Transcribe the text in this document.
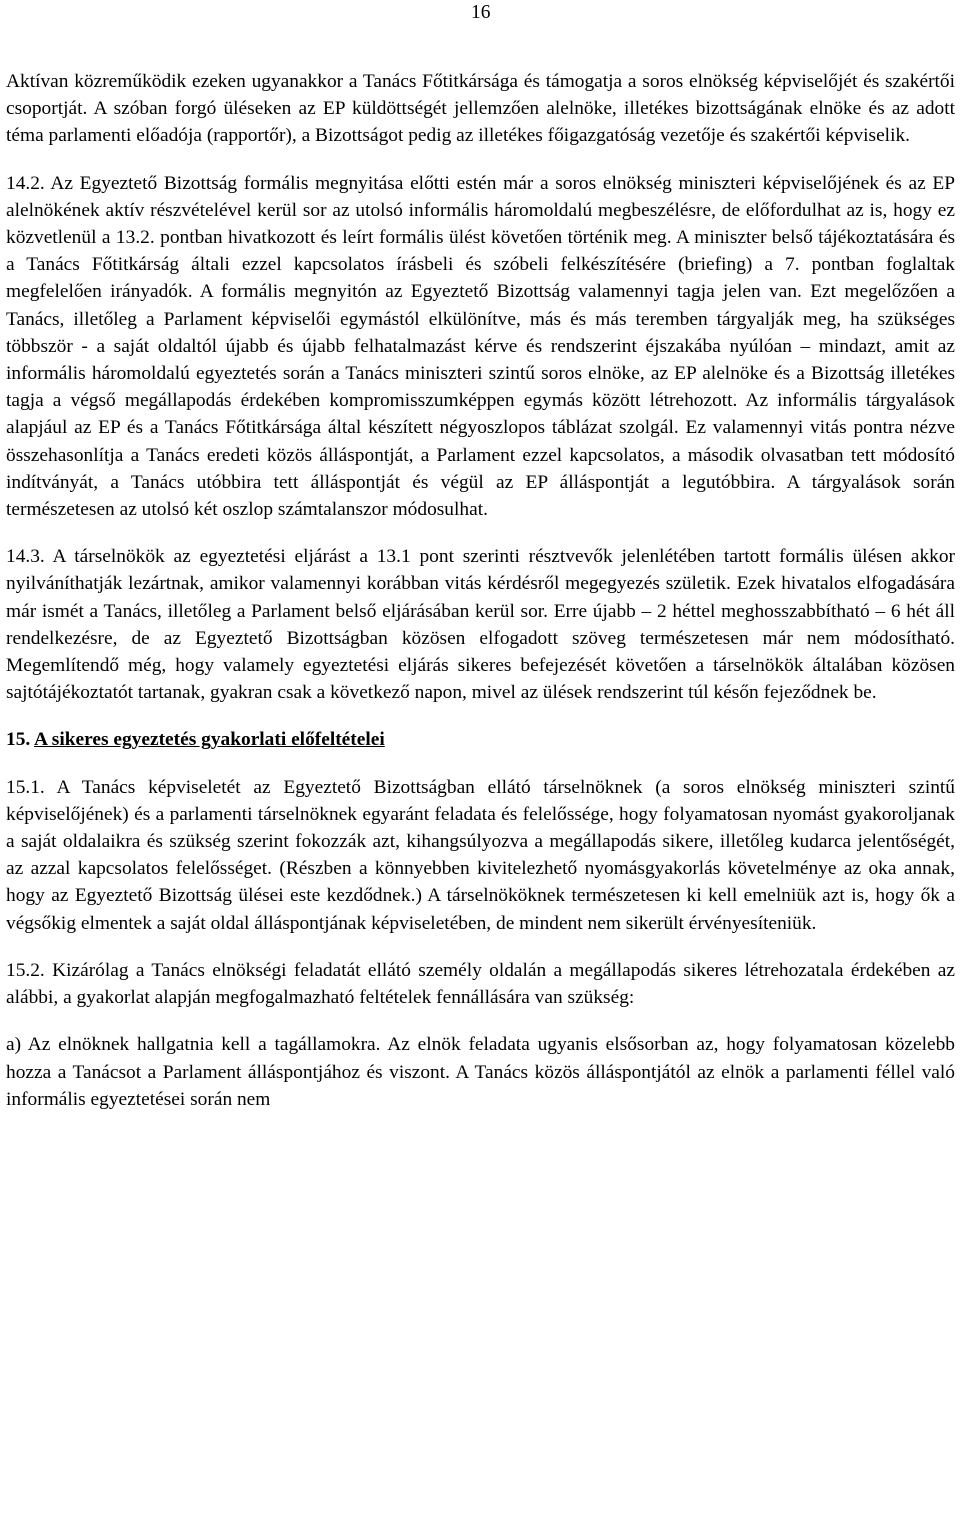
16

Aktívan közreműködik ezeken ugyanakkor a Tanács Főtitkársága és támogatja a soros elnökség képviselőjét és szakértői csoportját. A szóban forgó üléseken az EP küldöttségét jellemzően alelnöke, illetékes bizottságának elnöke és az adott téma parlamenti előadója (rapportőr), a Bizottságot pedig az illetékes főigazgatóság vezetője és szakértői képviselik.

14.2. Az Egyeztető Bizottság formális megnyitása előtti estén már a soros elnökség miniszteri képviselőjének és az EP alelnökének aktív részvételével kerül sor az utolsó informális háromoldalú megbeszélésre, de előfordulhat az is, hogy ez közvetlenül a 13.2. pontban hivatkozott és leírt formális ülést követően történik meg. A miniszter belső tájékoztatására és a Tanács Főtitkárság általi ezzel kapcsolatos írásbeli és szóbeli felkészítésére (briefing) a 7. pontban foglaltak megfelelően irányadók. A formális megnyitón az Egyeztető Bizottság valamennyi tagja jelen van. Ezt megelőzően a Tanács, illetőleg a Parlament képviselői egymástól elkülönítve, más és más teremben tárgyalják meg, ha szükséges többször - a saját oldaltól újabb és újabb felhatalmazást kérve és rendszerint éjszakába nyúlóan – mindazt, amit az informális háromoldalú egyeztetés során a Tanács miniszteri szintű soros elnöke, az EP alelnöke és a Bizottság illetékes tagja a végső megállapodás érdekében kompromisszumképpen egymás között létrehozott. Az informális tárgyalások alapjául az EP és a Tanács Főtitkársága által készített négyoszlopos táblázat szolgál. Ez valamennyi vitás pontra nézve összehasonlítja a Tanács eredeti közös álláspontját, a Parlament ezzel kapcsolatos, a második olvasatban tett módosító indítványát, a Tanács utóbbira tett álláspontját és végül az EP álláspontját a legutóbbira. A tárgyalások során természetesen az utolsó két oszlop számtalanszor módosulhat.

14.3. A társelnökök az egyeztetési eljárást a 13.1 pont szerinti résztvevők jelenlétében tartott formális ülésen akkor nyilváníthatják lezártnak, amikor valamennyi korábban vitás kérdésről megegyezés születik. Ezek hivatalos elfogadására már ismét a Tanács, illetőleg a Parlament belső eljárásában kerül sor. Erre újabb – 2 héttel meghosszabbítható – 6 hét áll rendelkezésre, de az Egyeztető Bizottságban közösen elfogadott szöveg természetesen már nem módosítható. Megemlítendő még, hogy valamely egyeztetési eljárás sikeres befejezését követően a társelnökök általában közösen sajtótájékoztatót tartanak, gyakran csak a következő napon, mivel az ülések rendszerint túl későn fejeződnek be.

15. A sikeres egyeztetés gyakorlati előfeltételei

15.1. A Tanács képviseletét az Egyeztető Bizottságban ellátó társelnöknek (a soros elnökség miniszteri szintű képviselőjének) és a parlamenti társelnöknek egyaránt feladata és felelőssége, hogy folyamatosan nyomást gyakoroljanak a saját oldalaikra és szükség szerint fokozzák azt, kihangsúlyozva a megállapodás sikere, illetőleg kudarca jelentőségét, az azzal kapcsolatos felelősséget. (Részben a könnyebben kivitelezhető nyomásgyakorlás követelménye az oka annak, hogy az Egyeztető Bizottság ülései este kezdődnek.) A társelnököknek természetesen ki kell emelniük azt is, hogy ők a végsőkig elmentek a saját oldal álláspontjának képviseletében, de mindent nem sikerült érvényesíteniük.

15.2. Kizárólag a Tanács elnökségi feladatát ellátó személy oldalán a megállapodás sikeres létrehozatala érdekében az alábbi, a gyakorlat alapján megfogalmazható feltételek fennállására van szükség:

a) Az elnöknek hallgatnia kell a tagállamokra. Az elnök feladata ugyanis elsősorban az, hogy folyamatosan közelebb hozza a Tanácsot a Parlament álláspontjához és viszont. A Tanács közös álláspontjától az elnök a parlamenti féllel való informális egyeztetései során nem
